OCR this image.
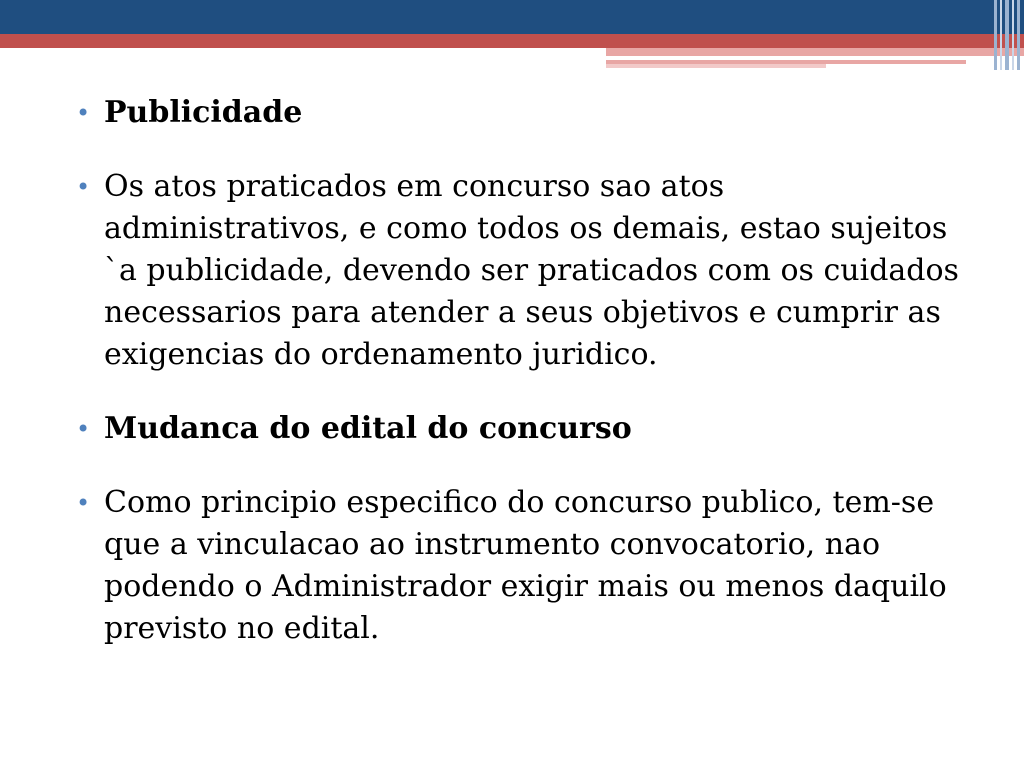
• Publicidade
• Os atos praticados em concurso sao atos administrativos, e como todos os demais, estao sujeitos `a publicidade, devendo ser praticados com os cuidados necessarios para atender a seus objetivos e cumprir as exigencias do ordenamento juridico.
• Mudanca do edital do concurso
• Como principio especifico do concurso publico, tem-se que a vinculacao ao instrumento convocatorio, nao podendo o Administrador exigir mais ou menos daquilo previsto no edital.
